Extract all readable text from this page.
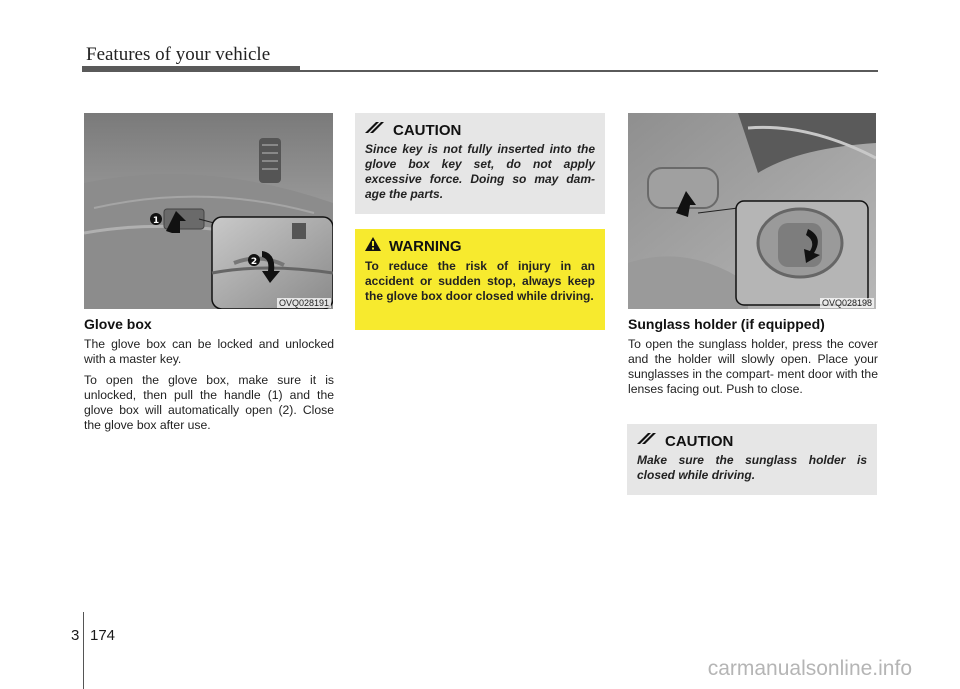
Features of your vehicle
1
2
OVQ028191
Glove box

The glove box can be locked and unlocked with a master key.

To open the glove box, make sure it is unlocked, then pull the handle (1) and the glove box will automatically open (2). Close the glove box after use.

CAUTION
Since key is not fully inserted into the glove box key set, do not apply excessive force. Doing so may dam- age the parts.
WARNING
To reduce the risk of injury in an accident or sudden stop, always keep the glove box door closed while driving.	OVQ028198
Sunglass holder (if equipped)

To open the sunglass holder, press the cover and the holder will slowly open. Place your sunglasses in the compart- ment door with the lenses facing out. Push to close.

CAUTION
Make sure the sunglass holder is closed while driving.
3 174
carmanualsonline.info
